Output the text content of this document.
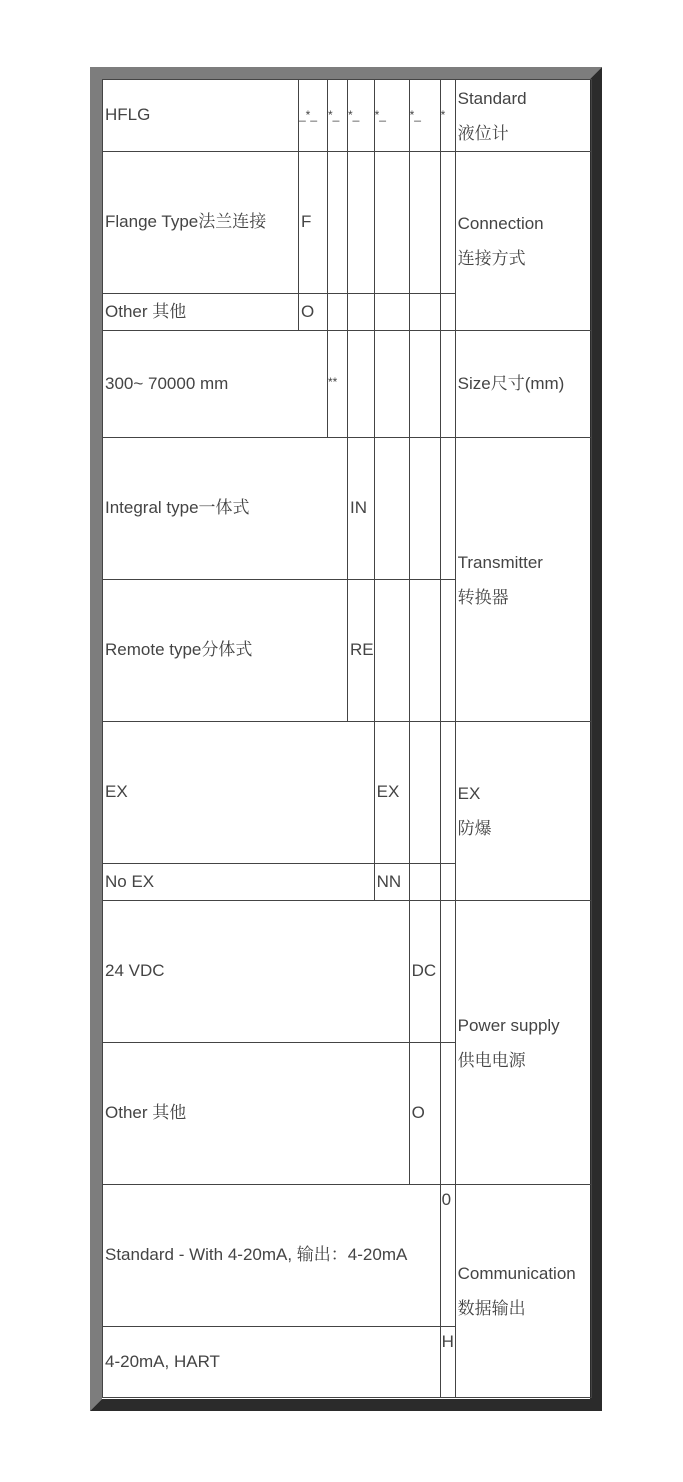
HFLG	_*_	*_	*_	*_	*_	*	Standard
液位计
Flange Type法兰连接	F						Connection
连接方式
Other 其他	O						
300~ 70000 mm		**					Size尺寸(mm)
Integral type一体式			IN				Transmitter
转换器
Remote type分体式			RE				
EX				EX			EX
防爆
No EX				NN			
24 VDC					DC		Power supply
供电电源
Other 其他					O		
Standard - With 4-20mA, 输出：4-20mA						0	Communication
数据输出
4-20mA, HART						H	
